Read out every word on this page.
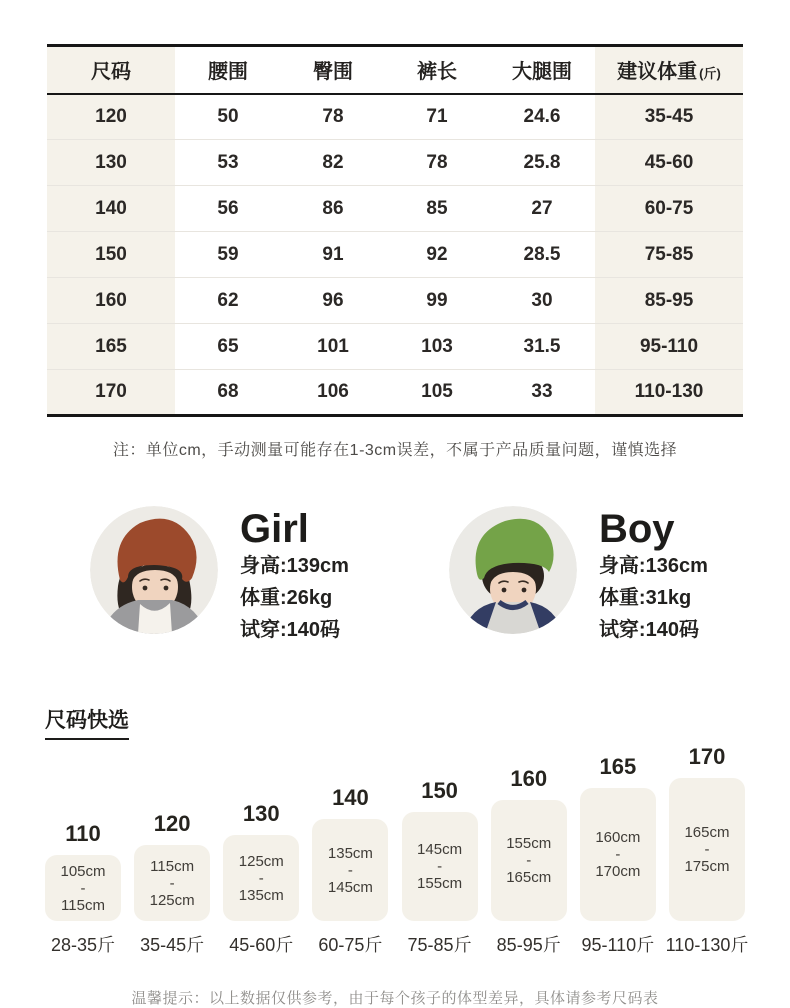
尺码	腰围	臀围	裤长	大腿围	建议体重 (斤)
120	50	78	71	24.6	35-45
130	53	82	78	25.8	45-60
140	56	86	85	27	60-75
150	59	91	92	28.5	75-85
160	62	96	99	30	85-95
165	65	101	103	31.5	95-110
170	68	106	105	33	110-130
注：单位cm，手动测量可能存在1-3cm误差，不属于产品质量问题，谨慎选择
Girl
身高:139cm
体重:26kg
试穿:140码
Boy
身高:136cm
体重:31kg
试穿:140码
尺码快选
110
105cm
-
115cm
28-35斤
120
115cm
-
125cm
35-45斤
130
125cm
-
135cm
45-60斤
140
135cm
-
145cm
60-75斤
150
145cm
-
155cm
75-85斤
160
155cm
-
165cm
85-95斤
165
160cm
-
170cm
95-110斤
170
165cm
-
175cm
110-130斤
温馨提示：以上数据仅供参考，由于每个孩子的体型差异，具体请参考尺码表
